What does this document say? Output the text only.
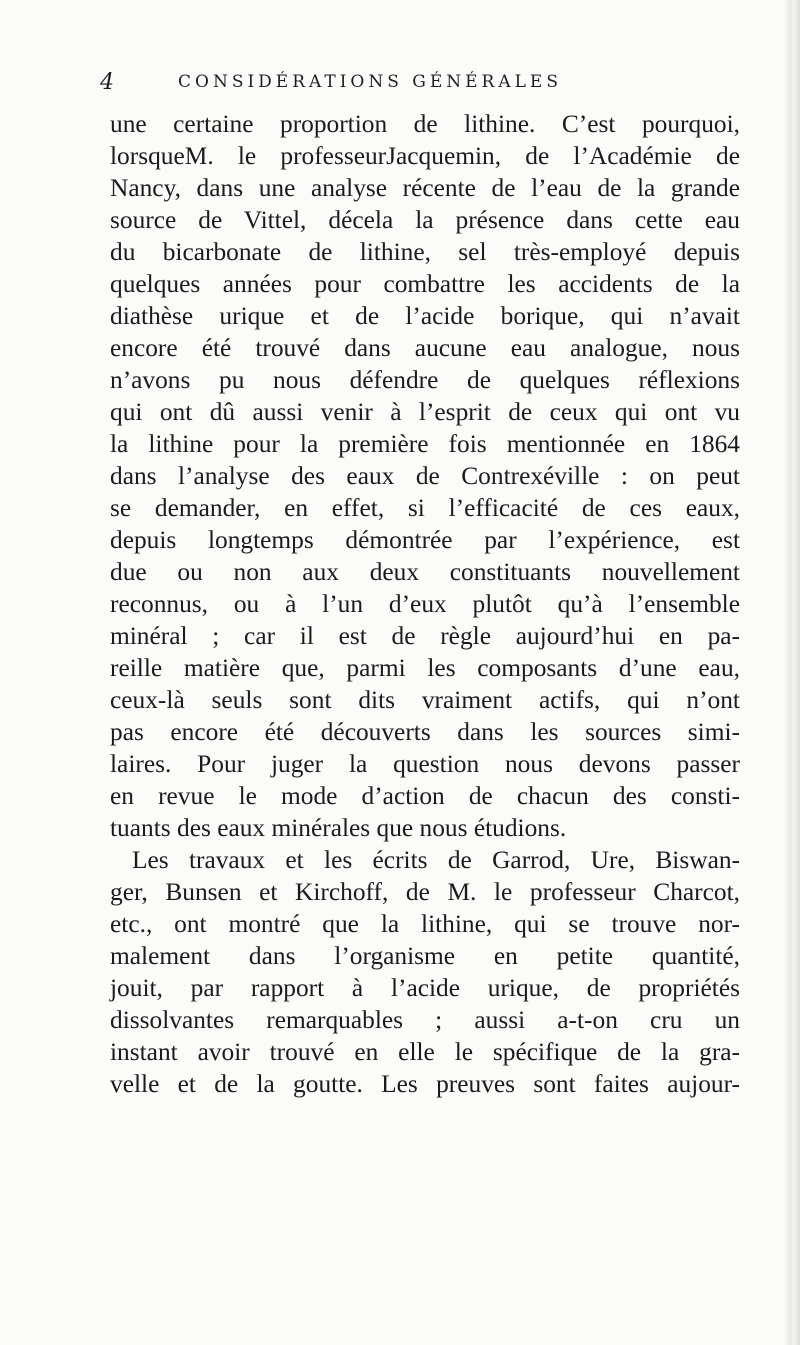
4	CONSIDÉRATIONS GÉNÉRALES
une certaine proportion de lithine. C’est pourquoi,
lorsqueM. le professeurJacquemin, de l’Académie de
Nancy, dans une analyse récente de l’eau de la grande
source de Vittel, décela la présence dans cette eau
du bicarbonate de lithine, sel très-employé depuis
quelques années pour combattre les accidents de la
diathèse urique et de l’acide borique, qui n’avait
encore été trouvé dans aucune eau analogue, nous
n’avons pu nous défendre de quelques réflexions
qui ont dû aussi venir à l’esprit de ceux qui ont vu
la lithine pour la première fois mentionnée en 1864
dans l’analyse des eaux de Contrexéville : on peut
se demander, en effet, si l’efficacité de ces eaux,
depuis longtemps démontrée par l’expérience, est
due ou non aux deux constituants nouvellement
reconnus, ou à l’un d’eux plutôt qu’à l’ensemble
minéral ; car il est de règle aujourd’hui en pa-
reille matière que, parmi les composants d’une eau,
ceux-là seuls sont dits vraiment actifs, qui n’ont
pas encore été découverts dans les sources simi-
laires. Pour juger la question nous devons passer
en revue le mode d’action de chacun des consti-
tuants des eaux minérales que nous étudions.
Les travaux et les écrits de Garrod, Ure, Biswan-
ger, Bunsen et Kirchoff, de M. le professeur Charcot,
etc., ont montré que la lithine, qui se trouve nor-
malement dans l’organisme en petite quantité,
jouit, par rapport à l’acide urique, de propriétés
dissolvantes remarquables ; aussi a-t-on cru un
instant avoir trouvé en elle le spécifique de la gra-
velle et de la goutte. Les preuves sont faites aujour-
